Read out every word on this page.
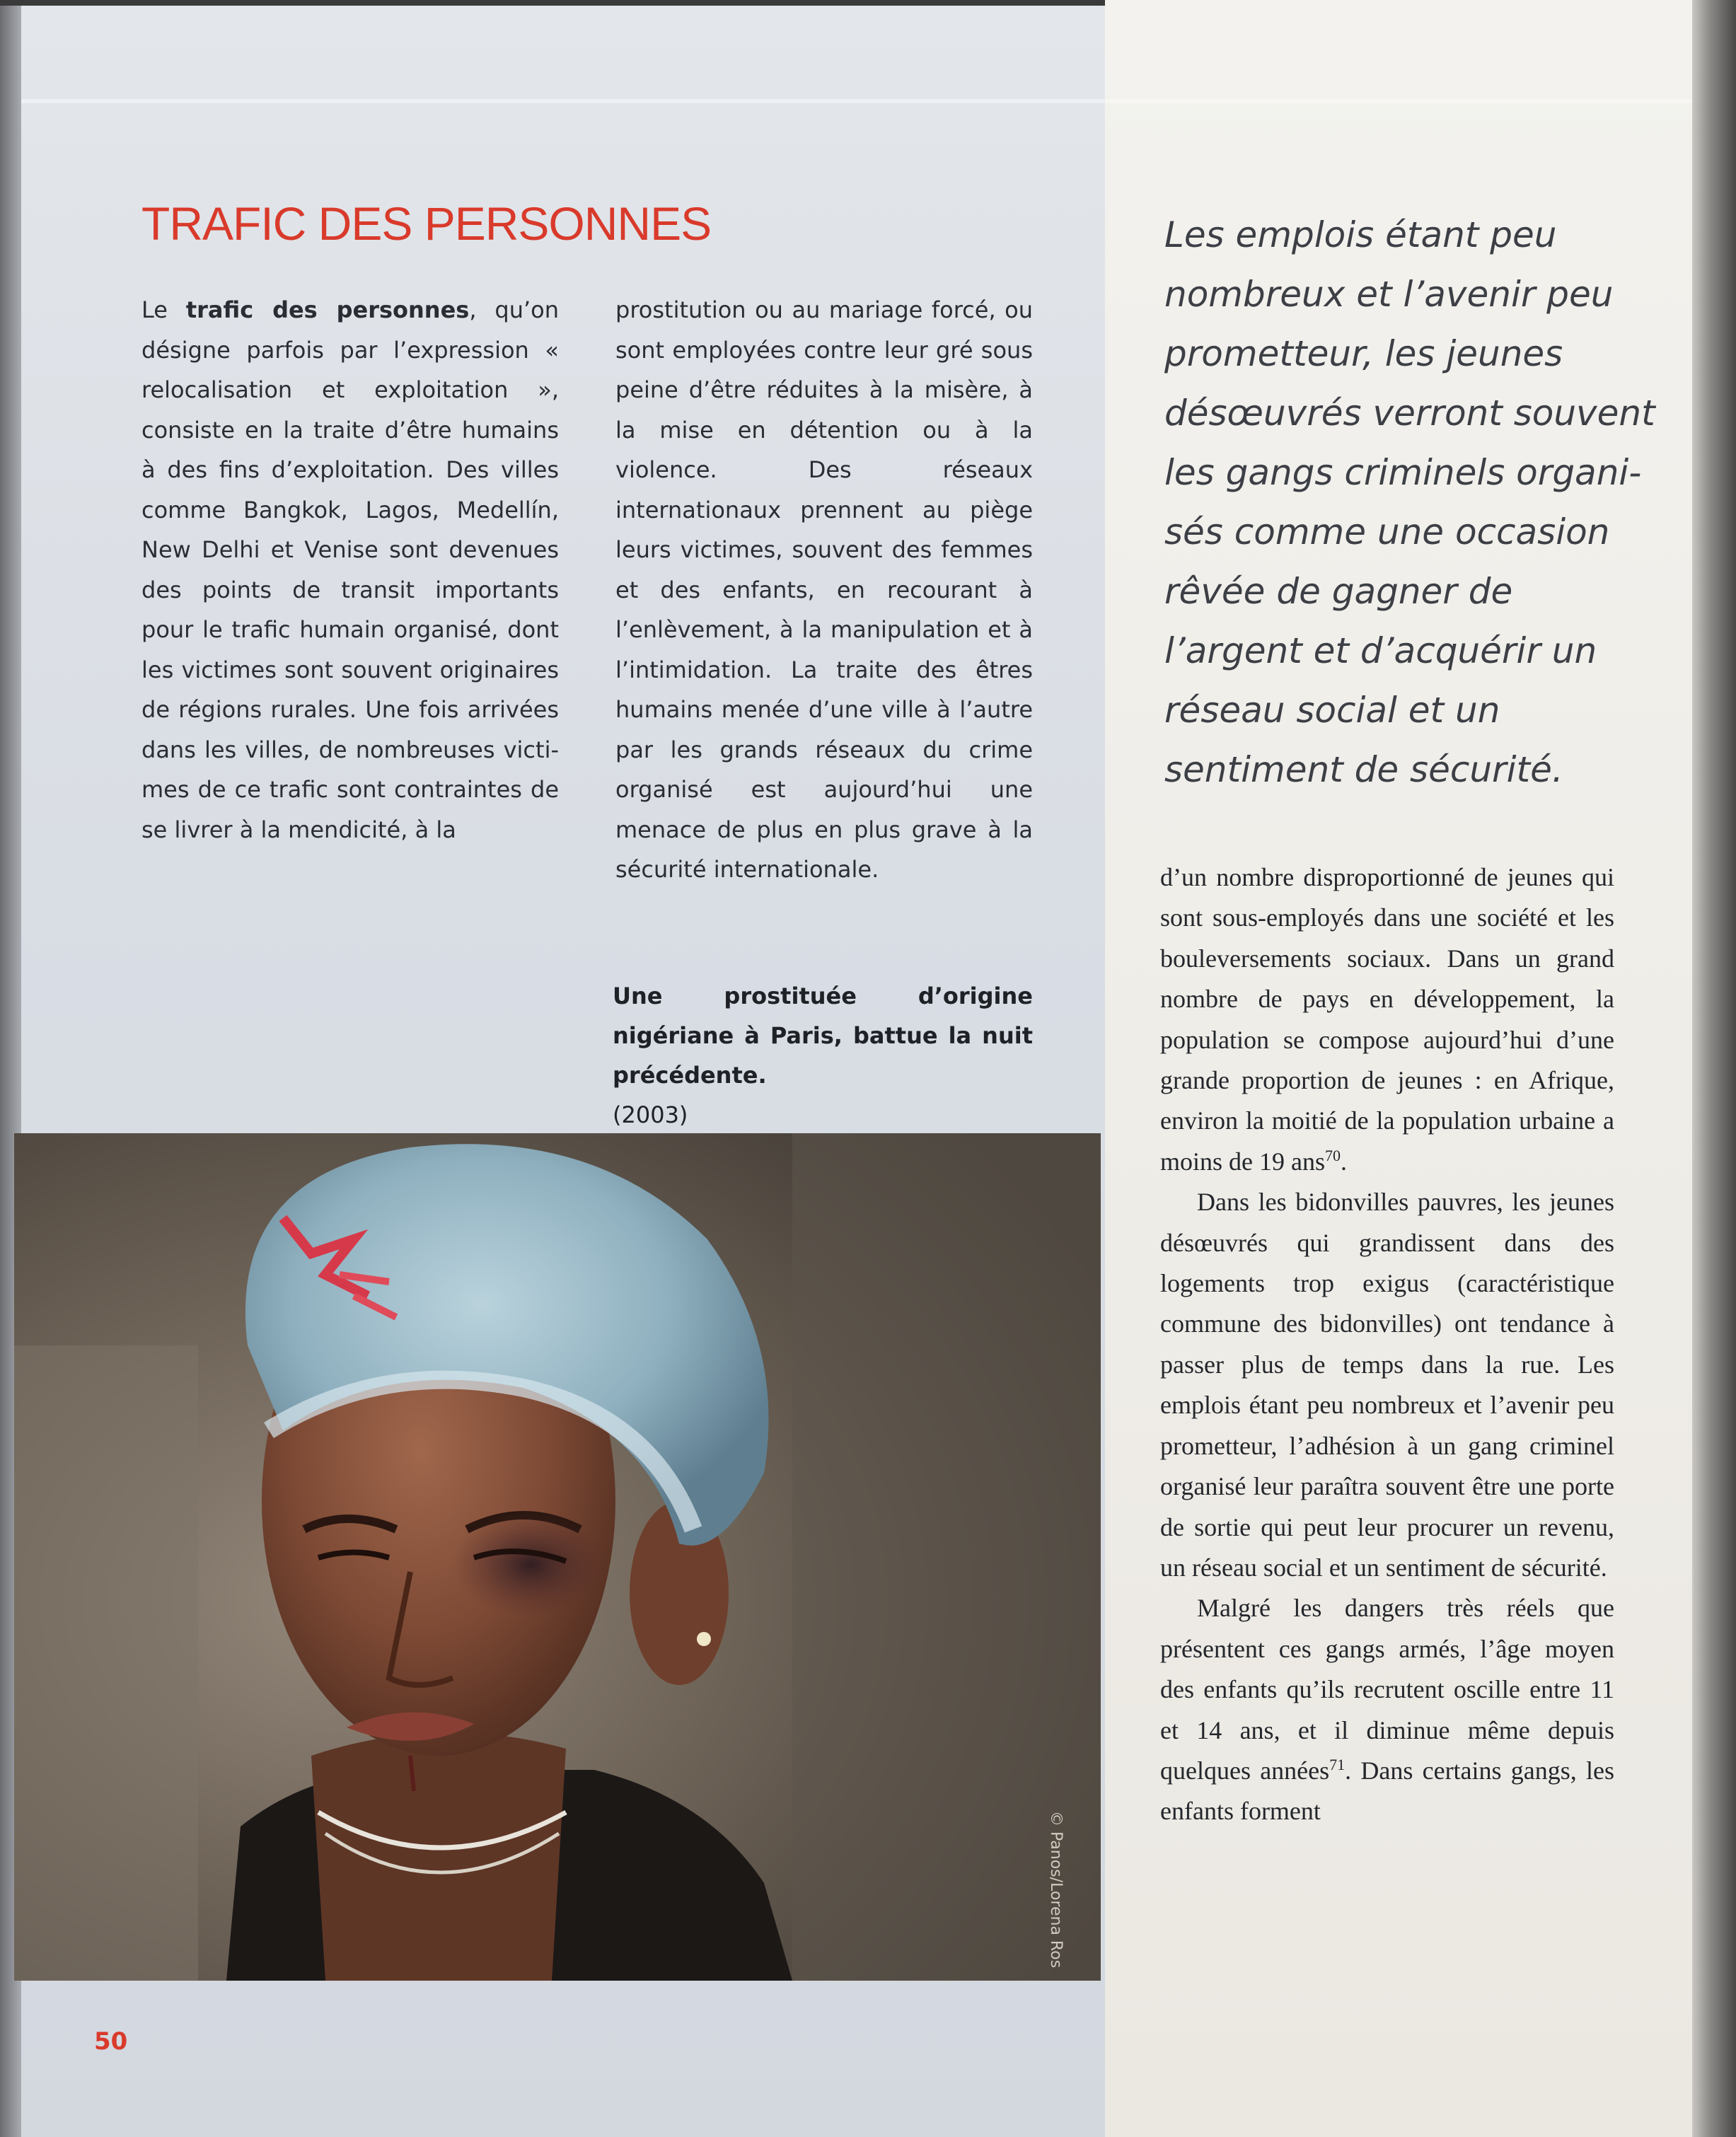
TRAFIC DES PERSONNES

Le trafic des personnes, qu’on désigne parfois par l’expression « relocalisation et exploitation », consiste en la traite d’être humains à des fins d’exploitation. Des villes comme Bangkok, Lagos, Medellín, New Delhi et Venise sont devenues des points de transit importants pour le trafic humain organisé, dont les victimes sont souvent originaires de régions rurales. Une fois arrivées dans les villes, de nombreuses victimes de ce trafic sont contraintes de se livrer à la mendicité, à la

prostitution ou au mariage forcé, ou sont employées contre leur gré sous peine d’être réduites à la misère, à la mise en détention ou à la violence. Des réseaux internationaux prennent au piège leurs victimes, souvent des femmes et des enfants, en recourant à l’enlèvement, à la manipulation et à l’intimidation. La traite des êtres humains menée d’une ville à l’autre par les grands réseaux du crime organisé est aujourd’hui une menace de plus en plus grave à la sécurité internationale.

Une prostituée d’origine nigériane à Paris, battue la nuit précédente.
(2003)

© Panos/Lorena Ros

Les emplois étant peu nombreux et l’avenir peu prometteur, les jeunes désœuvrés verront souvent les gangs criminels organisés comme une occasion rêvée de gagner de l’argent et d’acquérir un réseau social et un sentiment de sécurité.

d’un nombre disproportionné de jeunes qui sont sous-employés dans une société et les bouleversements sociaux. Dans un grand nombre de pays en développement, la population se compose aujourd’hui d’une grande proportion de jeunes : en Afrique, environ la moitié de la population urbaine a moins de 19 ans$^{70}$.

Dans les bidonvilles pauvres, les jeunes désœuvrés qui grandissent dans des logements trop exigus (caractéristique commune des bidonvilles) ont tendance à passer plus de temps dans la rue. Les emplois étant peu nombreux et l’avenir peu prometteur, l’adhésion à un gang criminel organisé leur paraîtra souvent être une porte de sortie qui peut leur procurer un revenu, un réseau social et un sentiment de sécurité.

Malgré les dangers très réels que présentent ces gangs armés, l’âge moyen des enfants qu’ils recrutent oscille entre 11 et 14 ans, et il diminue même depuis quelques années$^{71}$. Dans certains gangs, les enfants forment

50
